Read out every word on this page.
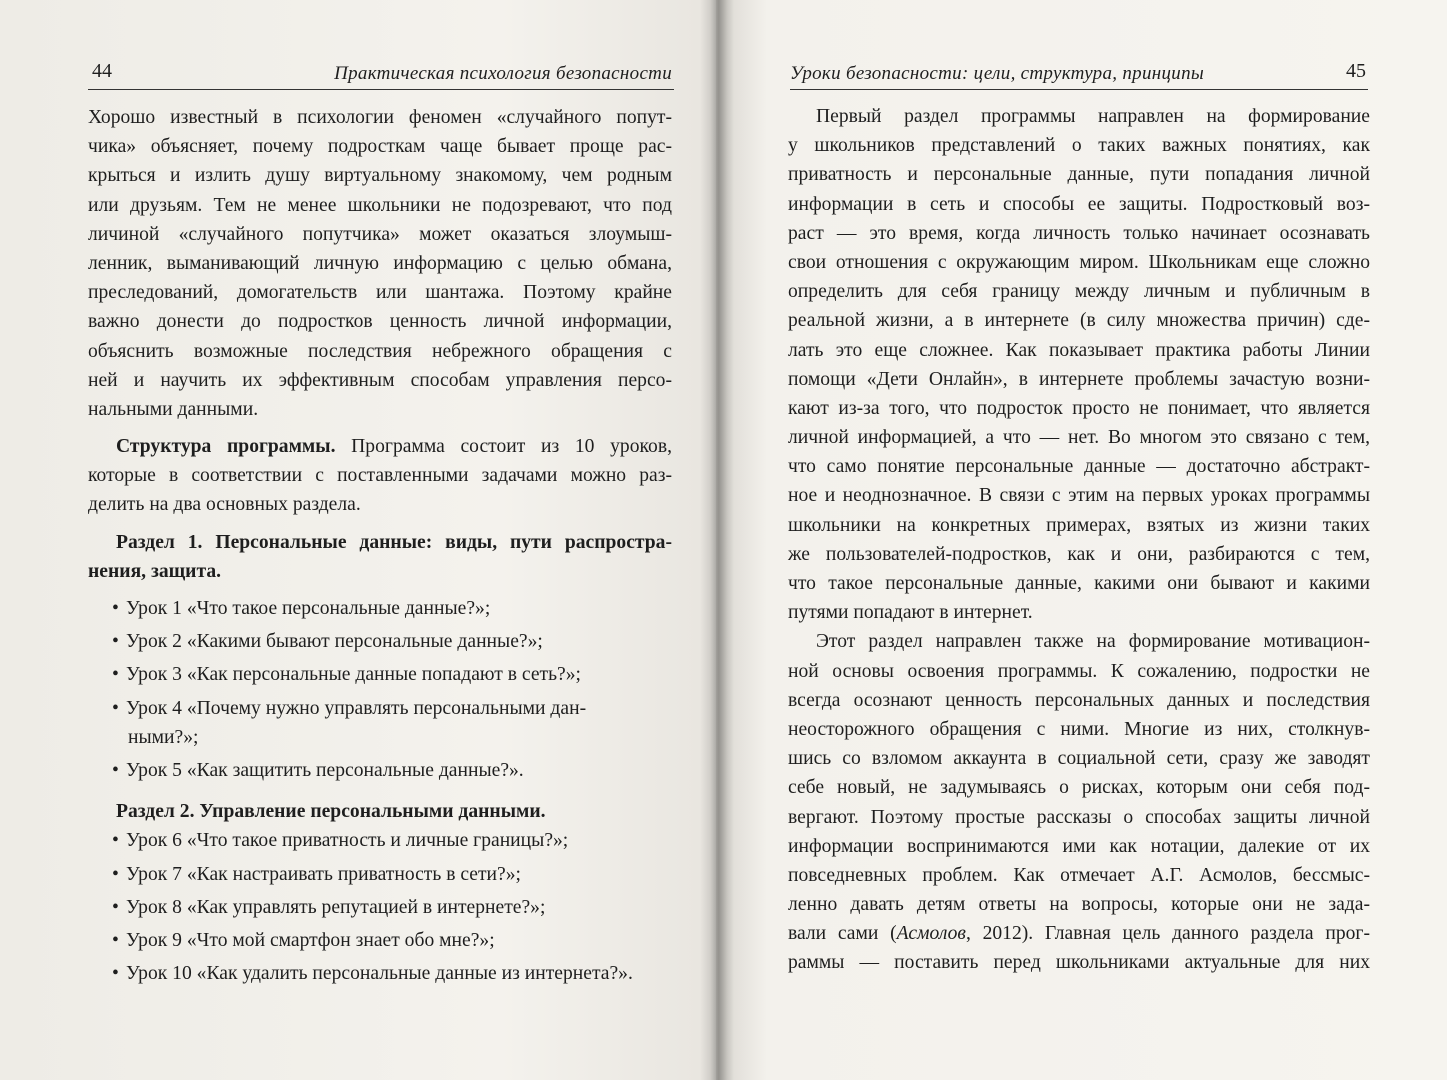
44	Практическая психология безопасности
Хорошо известный в психологии феномен «случайного попут-
чика» объясняет, почему подросткам чаще бывает проще рас-
крыться и излить душу виртуальному знакомому, чем родным
или друзьям. Тем не менее школьники не подозревают, что под
личиной «случайного попутчика» может оказаться злоумыш-
ленник, выманивающий личную информацию с целью обмана,
преследований, домогательств или шантажа. Поэтому крайне
важно донести до подростков ценность личной информации,
объяснить возможные последствия небрежного обращения с
ней и научить их эффективным способам управления персо-
нальными данными.
Структура программы. Программа состоит из 10 уроков,
которые в соответствии с поставленными задачами можно раз-
делить на два основных раздела.
Раздел 1. Персональные данные: виды, пути распростра-
нения, защита.
• Урок 1 «Что такое персональные данные?»;
• Урок 2 «Какими бывают персональные данные?»;
• Урок 3 «Как персональные данные попадают в сеть?»;
• Урок 4 «Почему нужно управлять персональными дан-
ными?»;
• Урок 5 «Как защитить персональные данные?».
Раздел 2. Управление персональными данными.
• Урок 6 «Что такое приватность и личные границы?»;
• Урок 7 «Как настраивать приватность в сети?»;
• Урок 8 «Как управлять репутацией в интернете?»;
• Урок 9 «Что мой смартфон знает обо мне?»;
• Урок 10 «Как удалить персональные данные из интернета?».
Уроки безопасности: цели, структура, принципы	45
Первый раздел программы направлен на формирование
у школьников представлений о таких важных понятиях, как
приватность и персональные данные, пути попадания личной
информации в сеть и способы ее защиты. Подростковый воз-
раст — это время, когда личность только начинает осознавать
свои отношения с окружающим миром. Школьникам еще сложно
определить для себя границу между личным и публичным в
реальной жизни, а в интернете (в силу множества причин) сде-
лать это еще сложнее. Как показывает практика работы Линии
помощи «Дети Онлайн», в интернете проблемы зачастую возни-
кают из-за того, что подросток просто не понимает, что является
личной информацией, а что — нет. Во многом это связано с тем,
что само понятие персональные данные — достаточно абстракт-
ное и неоднозначное. В связи с этим на первых уроках программы
школьники на конкретных примерах, взятых из жизни таких
же пользователей-подростков, как и они, разбираются с тем,
что такое персональные данные, какими они бывают и какими
путями попадают в интернет.
Этот раздел направлен также на формирование мотивацион-
ной основы освоения программы. К сожалению, подростки не
всегда осознают ценность персональных данных и последствия
неосторожного обращения с ними. Многие из них, столкнув-
шись со взломом аккаунта в социальной сети, сразу же заводят
себе новый, не задумываясь о рисках, которым они себя под-
вергают. Поэтому простые рассказы о способах защиты личной
информации воспринимаются ими как нотации, далекие от их
повседневных проблем. Как отмечает А.Г. Асмолов, бессмыс-
ленно давать детям ответы на вопросы, которые они не зада-
вали сами (Асмолов, 2012). Главная цель данного раздела прог-
раммы — поставить перед школьниками актуальные для них
